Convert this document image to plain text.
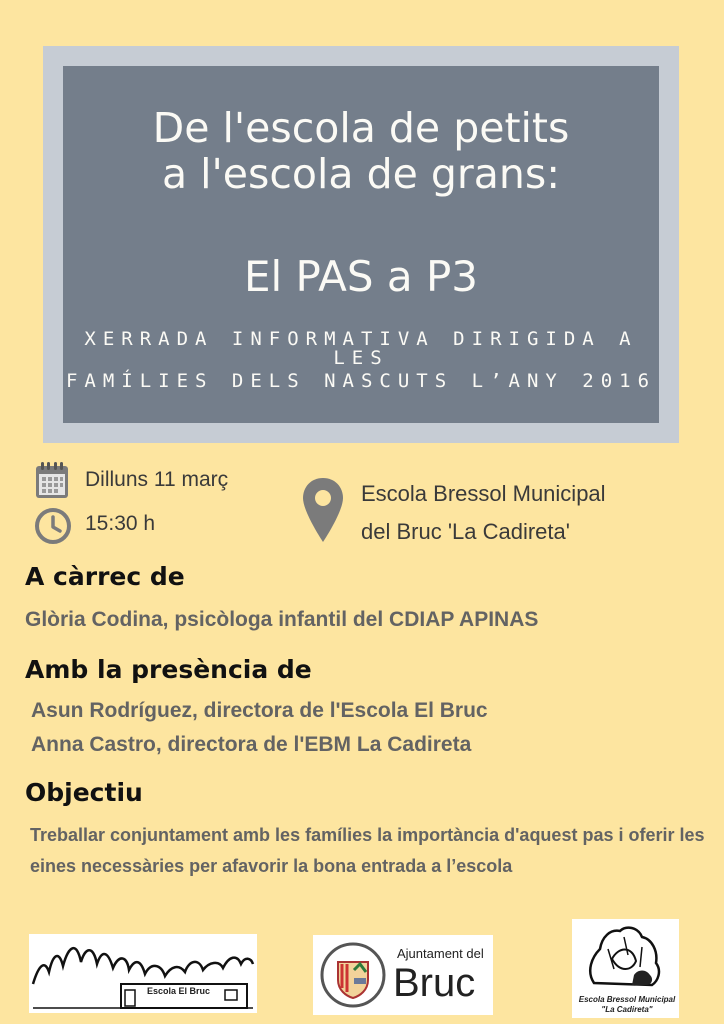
De l'escola de petits
a l'escola de grans:
El PAS a P3
XERRADA INFORMATIVA DIRIGIDA A LES
FAMÍLIES DELS NASCUTS L’ANY 2016
Dilluns 11 març
15:30 h
Escola Bressol Municipal
del Bruc 'La Cadireta'
A càrrec de
Glòria Codina, psicòloga infantil del CDIAP APINAS
Amb la presència de
Asun Rodríguez, directora de l'Escola El Bruc
Anna Castro, directora de l'EBM La Cadireta
Objectiu
Treballar conjuntament amb les famílies la importància d'aquest pas i oferir les eines necessàries per afavorir la bona entrada a l’escola
Escola El Bruc
Ajuntament del
Bruc	Escola Bressol Municipal
"La Cadireta"
